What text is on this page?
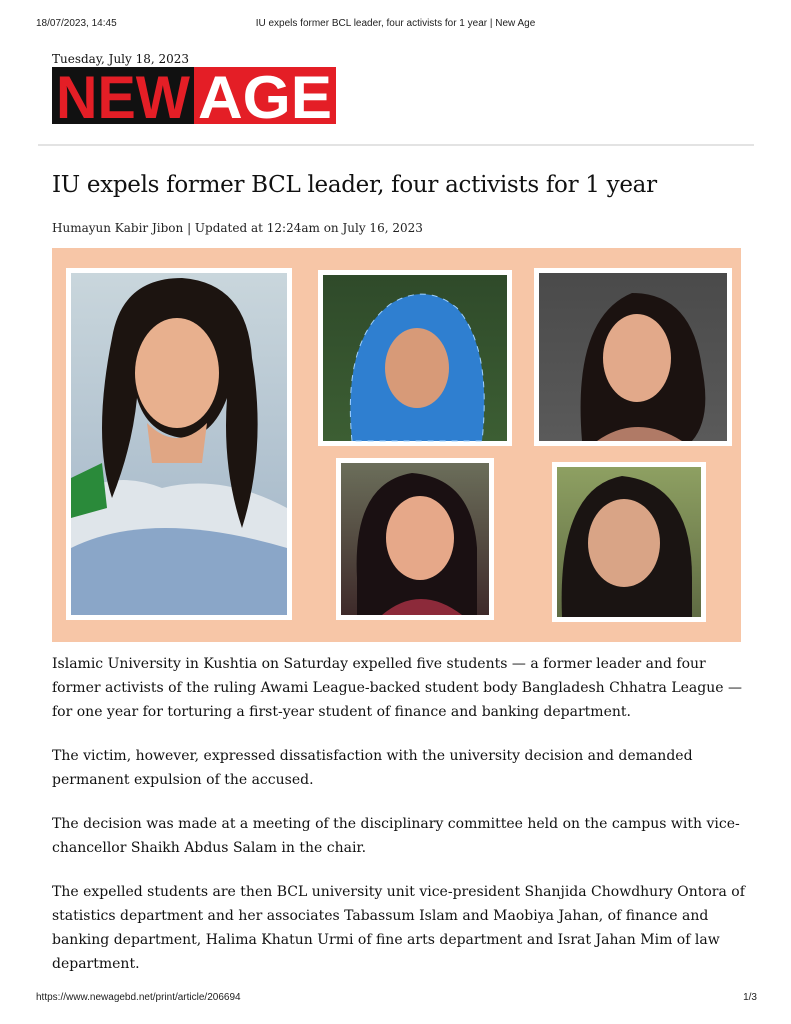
18/07/2023, 14:45	IU expels former BCL leader, four activists for 1 year | New Age
Tuesday, July 18, 2023
NEW AGE
IU expels former BCL leader, four activists for 1 year
Humayun Kabir Jibon | Updated at 12:24am on July 16, 2023

Islamic University in Kushtia on Saturday expelled five students — a former leader and four former activists of the ruling Awami League-backed student body Bangladesh Chhatra League — for one year for torturing a first-year student of finance and banking department.

The victim, however, expressed dissatisfaction with the university decision and demanded permanent expulsion of the accused.

The decision was made at a meeting of the disciplinary committee held on the campus with vice-chancellor Shaikh Abdus Salam in the chair.

The expelled students are then BCL university unit vice-president Shanjida Chowdhury Ontora of statistics department and her associates Tabassum Islam and Maobiya Jahan, of finance and banking department, Halima Khatun Urmi of fine arts department and Israt Jahan Mim of law department.

https://www.newagebd.net/print/article/206694	1/3
